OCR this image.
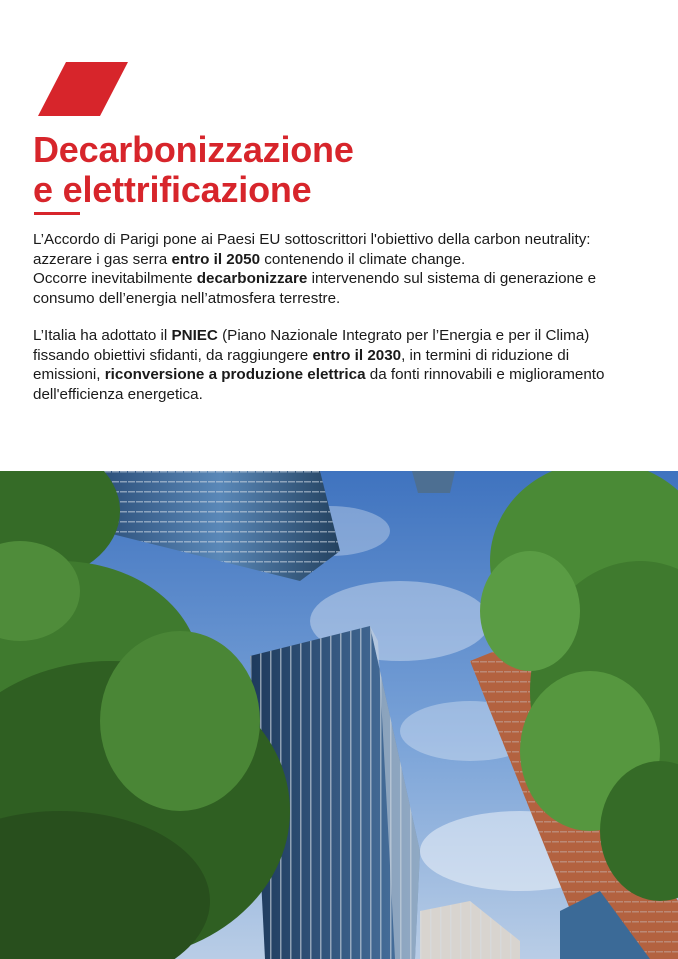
Decarbonizzazione
e elettrificazione

L’Accordo di Parigi pone ai Paesi EU sottoscrittori l'obiettivo della carbon neutrality:
azzerare i gas serra entro il 2050 contenendo il climate change.
Occorre inevitabilmente decarbonizzare intervenendo sul sistema di generazione e
consumo dell’energia nell’atmosfera terrestre.

L’Italia ha adottato il PNIEC (Piano Nazionale Integrato per l’Energia e per il Clima)
fissando obiettivi sfidanti, da raggiungere entro il 2030, in termini di riduzione di
emissioni, riconversione a produzione elettrica da fonti rinnovabili e miglioramento
dell'efficienza energetica.
